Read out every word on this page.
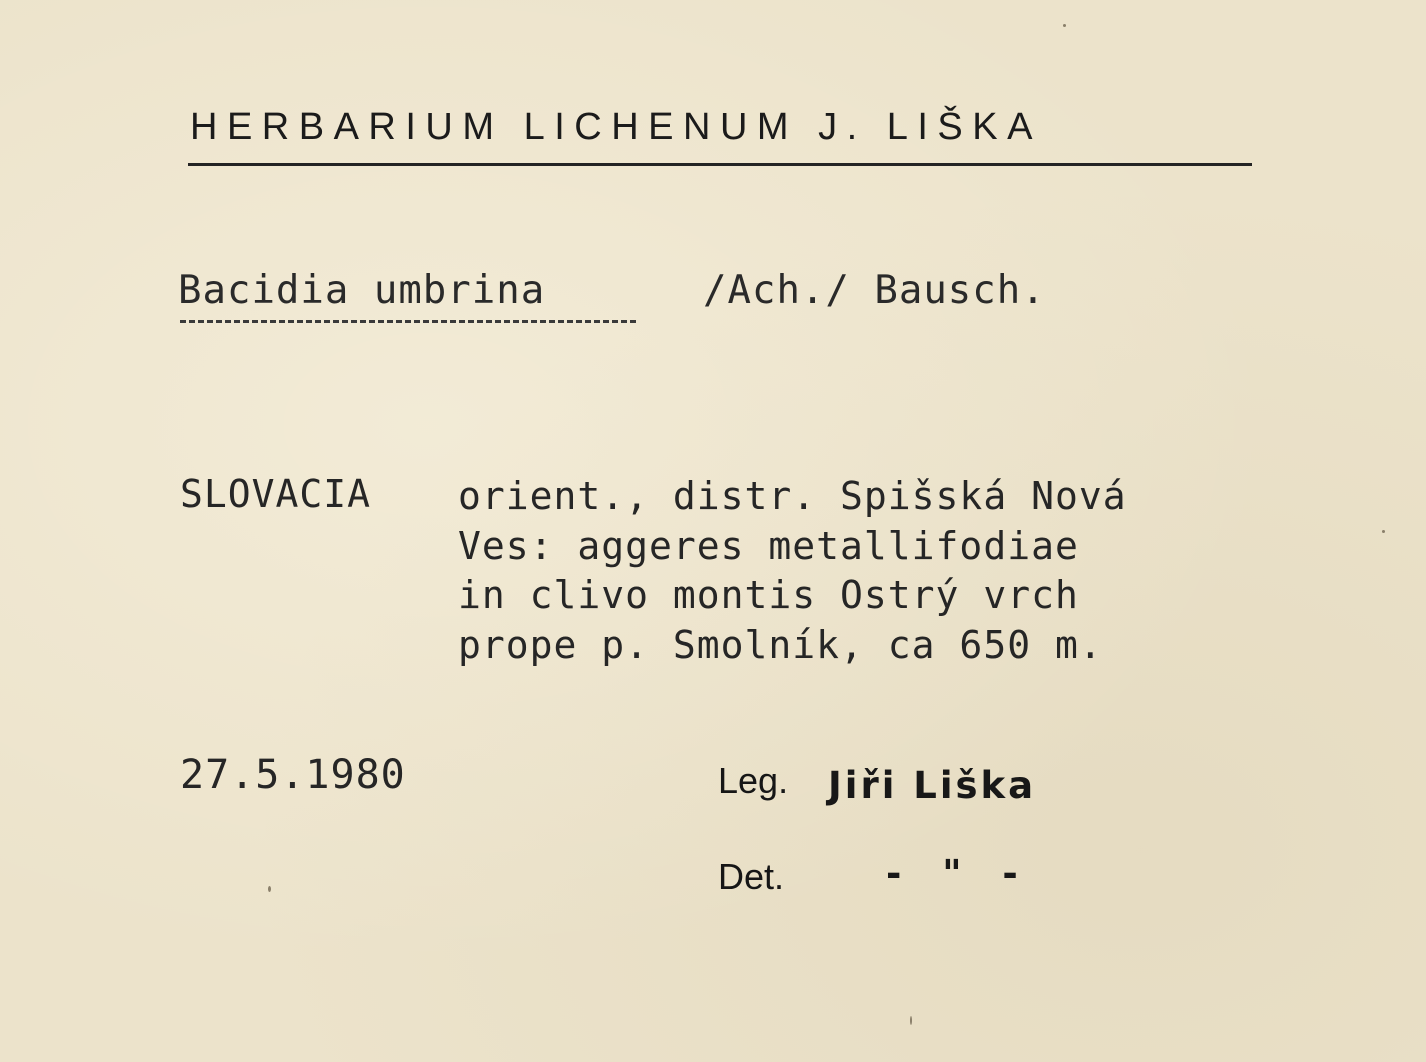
HERBARIUM LICHENUM J. LIŠKA
Bacidia umbrina	/Ach./ Bausch.
SLOVACIA orient., distr. Spišská Nová
Ves: aggeres metallifodiae
in clivo montis Ostrý vrch
prope p. Smolník, ca 650 m.
27.5.1980	Leg. Jiři Liška
Det.	- " -
